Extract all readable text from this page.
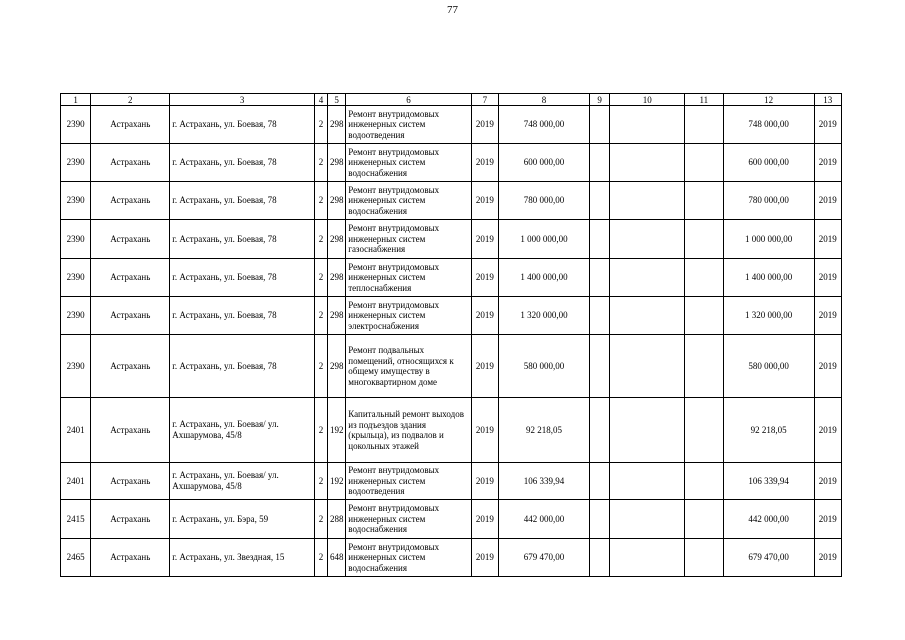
77
1	2	3	4	5	6	7	8	9	10	11	12	13
2390	Астрахань	г. Астрахань, ул. Боевая, 78	2	298	Ремонт внутридомовых инженерных систем водоотведения	2019	748 000,00				748 000,00	2019
2390	Астрахань	г. Астрахань, ул. Боевая, 78	2	298	Ремонт внутридомовых инженерных систем водоснабжения	2019	600 000,00				600 000,00	2019
2390	Астрахань	г. Астрахань, ул. Боевая, 78	2	298	Ремонт внутридомовых инженерных систем водоснабжения	2019	780 000,00				780 000,00	2019
2390	Астрахань	г. Астрахань, ул. Боевая, 78	2	298	Ремонт внутридомовых инженерных систем газоснабжения	2019	1 000 000,00				1 000 000,00	2019
2390	Астрахань	г. Астрахань, ул. Боевая, 78	2	298	Ремонт внутридомовых инженерных систем теплоснабжения	2019	1 400 000,00				1 400 000,00	2019
2390	Астрахань	г. Астрахань, ул. Боевая, 78	2	298	Ремонт внутридомовых инженерных систем электроснабжения	2019	1 320 000,00				1 320 000,00	2019
2390	Астрахань	г. Астрахань, ул. Боевая, 78	2	298	Ремонт подвальных помещений, относящихся к общему имуществу в многоквартирном доме	2019	580 000,00				580 000,00	2019
2401	Астрахань	г. Астрахань, ул. Боевая/ ул. Ахшарумова, 45/8	2	192	Капитальный ремонт выходов из подъездов здания (крыльца), из подвалов и цокольных этажей	2019	92 218,05				92 218,05	2019
2401	Астрахань	г. Астрахань, ул. Боевая/ ул. Ахшарумова, 45/8	2	192	Ремонт внутридомовых инженерных систем водоотведения	2019	106 339,94				106 339,94	2019
2415	Астрахань	г. Астрахань, ул. Бэра, 59	2	288	Ремонт внутридомовых инженерных систем водоснабжения	2019	442 000,00				442 000,00	2019
2465	Астрахань	г. Астрахань, ул. Звездная, 15	2	648	Ремонт внутридомовых инженерных систем водоснабжения	2019	679 470,00				679 470,00	2019
